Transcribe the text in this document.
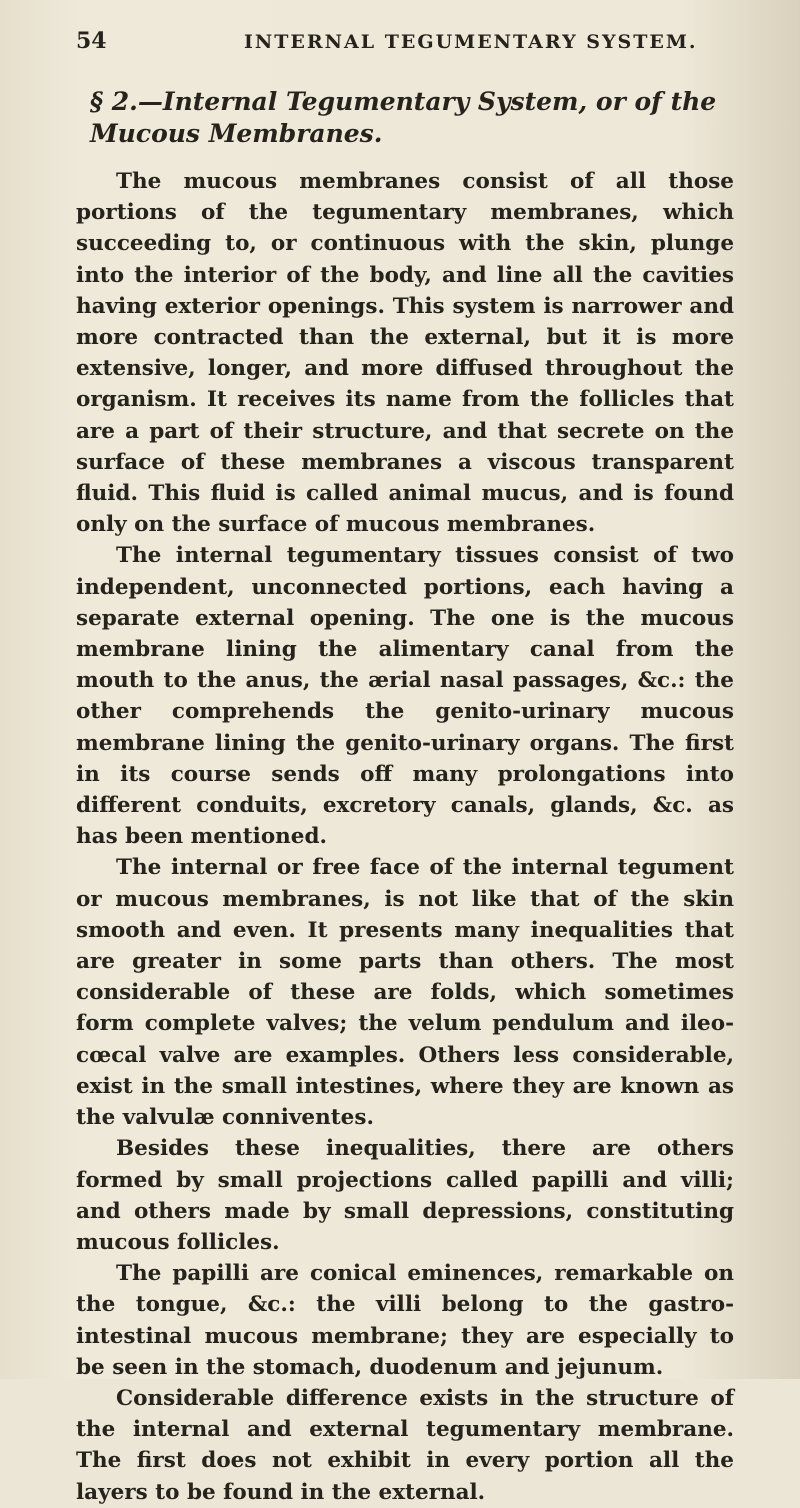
54	INTERNAL TEGUMENTARY SYSTEM.
§ 2.—Internal Tegumentary System, or of the Mucous Membranes.

The mucous membranes consist of all those portions of the tegumentary membranes, which succeeding to, or continuous with the skin, plunge into the interior of the body, and line all the cavities having exterior openings. This system is narrower and more contracted than the external, but it is more extensive, longer, and more diffused throughout the organism. It receives its name from the follicles that are a part of their structure, and that secrete on the surface of these membranes a viscous transparent fluid. This fluid is called animal mucus, and is found only on the surface of mucous membranes.

The internal tegumentary tissues consist of two independent, unconnected portions, each having a separate external opening. The one is the mucous membrane lining the alimentary canal from the mouth to the anus, the ærial nasal passages, &c.: the other comprehends the genito-urinary mucous membrane lining the genito-urinary organs. The first in its course sends off many prolongations into different conduits, excretory canals, glands, &c. as has been mentioned.

The internal or free face of the internal tegument or mucous membranes, is not like that of the skin smooth and even. It presents many inequalities that are greater in some parts than others. The most considerable of these are folds, which sometimes form complete valves; the velum pendulum and ileo-cœcal valve are examples. Others less considerable, exist in the small intestines, where they are known as the valvulæ conniventes.

Besides these inequalities, there are others formed by small projections called papilli and villi; and others made by small depressions, constituting mucous follicles.

The papilli are conical eminences, remarkable on the tongue, &c.: the villi belong to the gastro-intestinal mucous membrane; they are especially to be seen in the stomach, duodenum and jejunum.

Considerable difference exists in the structure of the internal and external tegumentary membrane. The first does not exhibit in every portion all the layers to be found in the external.
